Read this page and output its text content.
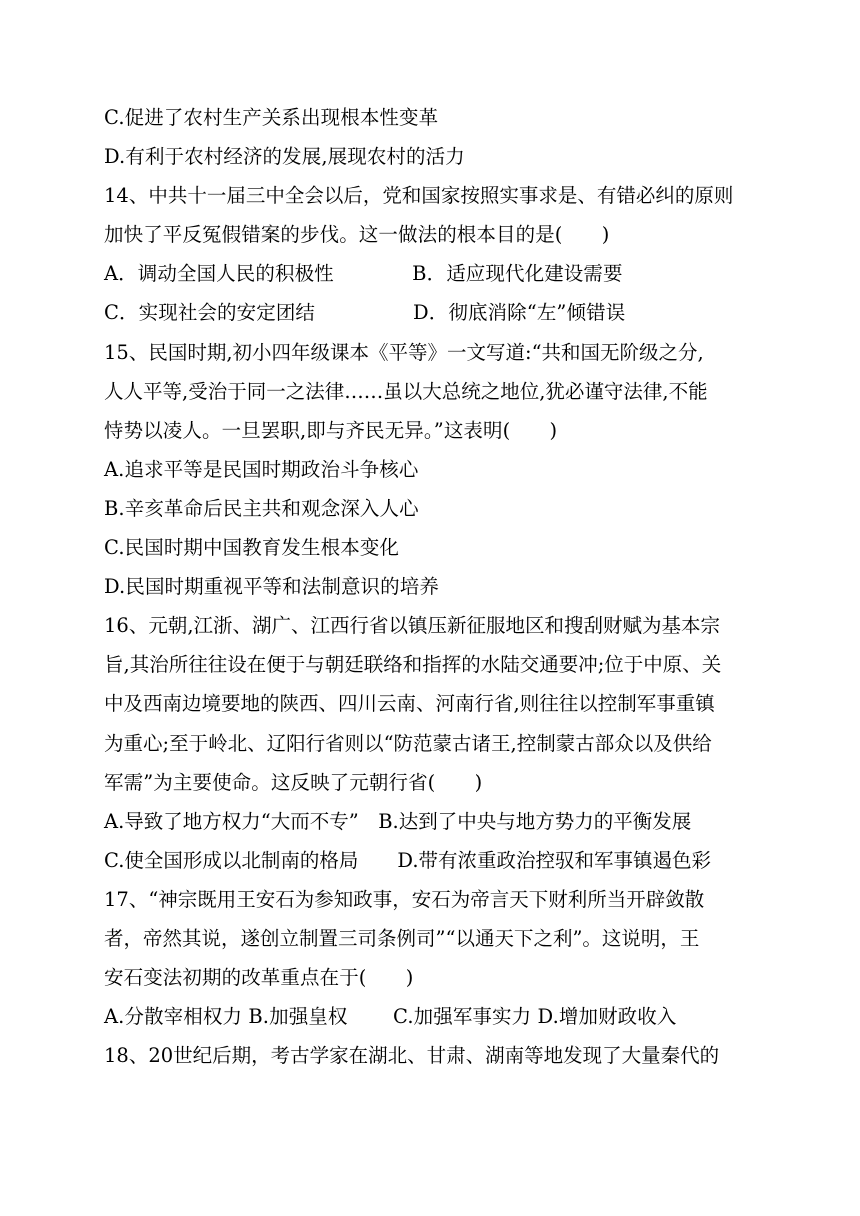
C.促进了农村生产关系出现根本性变革
D.有利于农村经济的发展,展现农村的活力
14、中共十一届三中全会以后，党和国家按照实事求是、有错必纠的原则
加快了平反冤假错案的步伐。这一做法的根本目的是(　　)
A．调动全国人民的积极性　　　　B．适应现代化建设需要
C．实现社会的安定团结　　　　　D．彻底消除“左”倾错误
15、民国时期,初小四年级课本《平等》一文写道:“共和国无阶级之分,
人人平等,受治于同一之法律……虽以大总统之地位,犹必谨守法律,不能
恃势以凌人。一旦罢职,即与齐民无异。”这表明(　　)
A.追求平等是民国时期政治斗争核心
B.辛亥革命后民主共和观念深入人心
C.民国时期中国教育发生根本变化
D.民国时期重视平等和法制意识的培养
16、元朝,江浙、湖广、江西行省以镇压新征服地区和搜刮财赋为基本宗
旨,其治所往往设在便于与朝廷联络和指挥的水陆交通要冲;位于中原、关
中及西南边境要地的陕西、四川云南、河南行省,则往往以控制军事重镇
为重心;至于岭北、辽阳行省则以“防范蒙古诸王,控制蒙古部众以及供给
军需”为主要使命。这反映了元朝行省(　　)
A.导致了地方权力“大而不专”　B.达到了中央与地方势力的平衡发展
C.使全国形成以北制南的格局　　D.带有浓重政治控驭和军事镇遏色彩
17、“神宗既用王安石为参知政事，安石为帝言天下财利所当开辟敛散
者，帝然其说，遂创立制置三司条例司”“以通天下之利”。这说明，王
安石变法初期的改革重点在于(　　)
A.分散宰相权力 B.加强皇权　　 C.加强军事实力 D.增加财政收入
18、20世纪后期，考古学家在湖北、甘肃、湖南等地发现了大量秦代的
